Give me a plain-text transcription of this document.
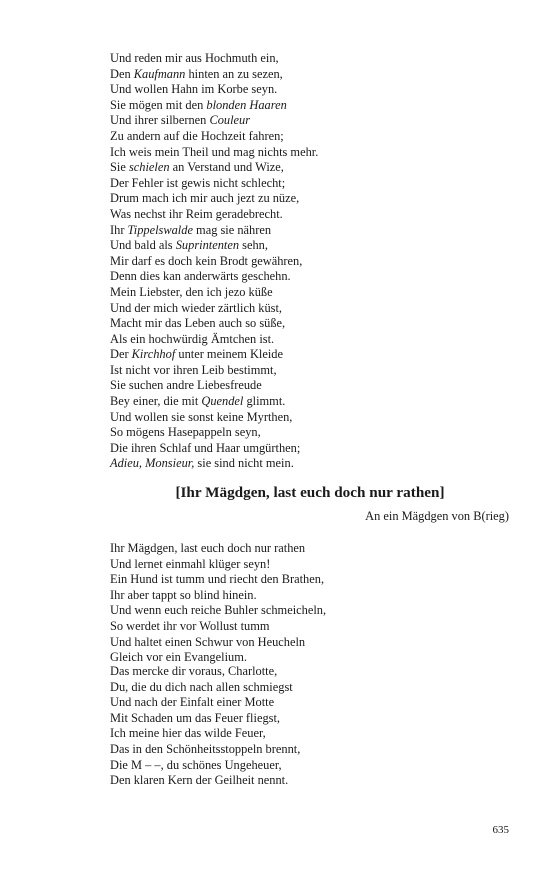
Und reden mir aus Hochmuth ein,
Den Kaufmann hinten an zu sezen,
Und wollen Hahn im Korbe seyn.
Sie mögen mit den blonden Haaren
Und ihrer silbernen Couleur
Zu andern auf die Hochzeit fahren;
Ich weis mein Theil und mag nichts mehr.
Sie schielen an Verstand und Wize,
Der Fehler ist gewis nicht schlecht;
Drum mach ich mir auch jezt zu nüze,
Was nechst ihr Reim geradebrecht.
Ihr Tippelswalde mag sie nähren
Und bald als Suprintenten sehn,
Mir darf es doch kein Brodt gewähren,
Denn dies kan anderwärts geschehn.
Mein Liebster, den ich jezo küße
Und der mich wieder zärtlich küst,
Macht mir das Leben auch so süße,
Als ein hochwürdig Ämtchen ist.
Der Kirchhof unter meinem Kleide
Ist nicht vor ihren Leib bestimmt,
Sie suchen andre Liebesfreude
Bey einer, die mit Quendel glimmt.
Und wollen sie sonst keine Myrthen,
So mögens Hasepappeln seyn,
Die ihren Schlaf und Haar umgürthen;
Adieu, Monsieur, sie sind nicht mein.
[Ihr Mägdgen, last euch doch nur rathen]
An ein Mägdgen von B(rieg)
Ihr Mägdgen, last euch doch nur rathen
Und lernet einmahl klüger seyn!
Ein Hund ist tumm und riecht den Brathen,
Ihr aber tappt so blind hinein.
Und wenn euch reiche Buhler schmeicheln,
So werdet ihr vor Wollust tumm
Und haltet einen Schwur von Heucheln
Gleich vor ein Evangelium.
Das mercke dir voraus, Charlotte,
Du, die du dich nach allen schmiegst
Und nach der Einfalt einer Motte
Mit Schaden um das Feuer fliegst,
Ich meine hier das wilde Feuer,
Das in den Schönheitsstoppeln brennt,
Die M – –, du schönes Ungeheuer,
Den klaren Kern der Geilheit nennt.
635
